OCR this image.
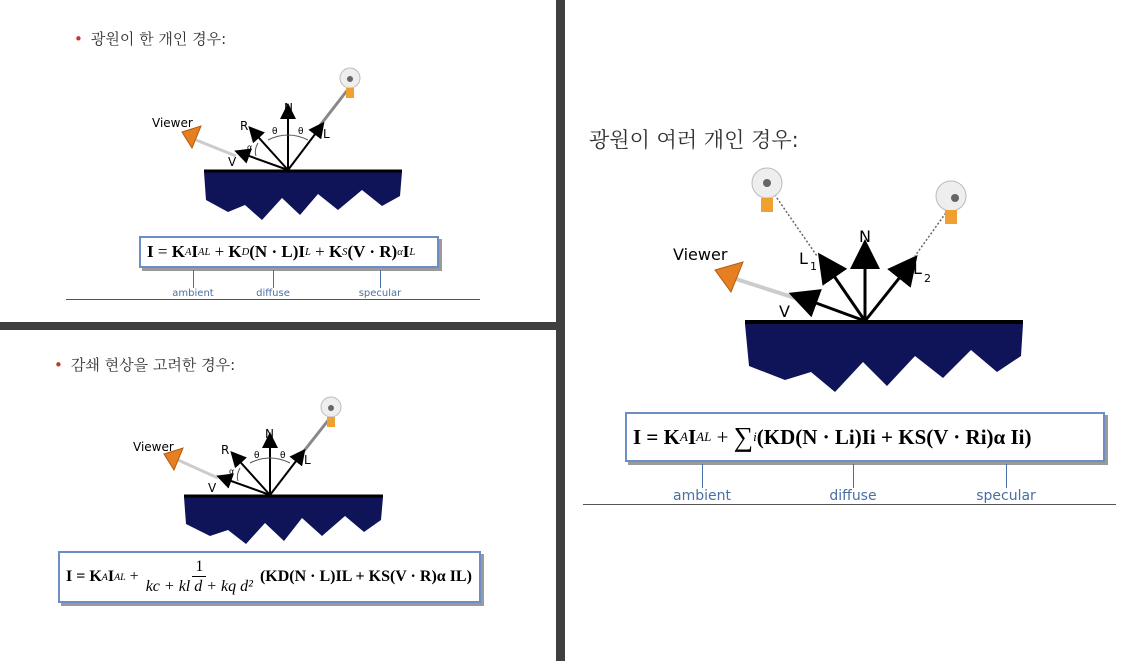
• 광원이 한 개인 경우:
N
R
L
V
Viewer
θ θ
α
I
=
K A I AL
+
K D (N · L) I L
+
K S (V · R) α I L
ambient	diffuse	specular
• 감쇄 현상을 고려한 경우:
N
R
L
V
Viewer
θ θ
α
I = K A I AL
+ $\frac{1}{\text{kc + kl d + kq d²}} (KD(N \cdot L)IL + KS(V \cdot R)\alpha$ IL)
광원이 여러 개인 경우:
N
L 1	L
2
V
Viewer
I = K A I AL
+
∑ i (KD(N · Li)Ii + KS(V · Ri)α Ii)
ambient	diffuse	specular
